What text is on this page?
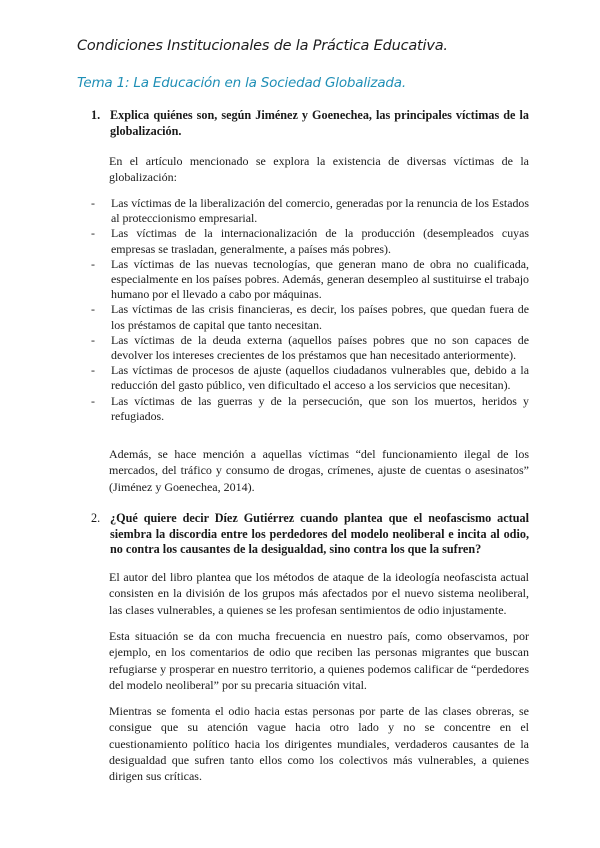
Condiciones Institucionales de la Práctica Educativa.
Tema 1: La Educación en la Sociedad Globalizada.
1. Explica quiénes son, según Jiménez y Goenechea, las principales víctimas de la globalización.
En el artículo mencionado se explora la existencia de diversas víctimas de la globalización:
- Las víctimas de la liberalización del comercio, generadas por la renuncia de los Estados al proteccionismo empresarial.
- Las víctimas de la internacionalización de la producción (desempleados cuyas empresas se trasladan, generalmente, a países más pobres).
- Las víctimas de las nuevas tecnologías, que generan mano de obra no cualificada, especialmente en los países pobres. Además, generan desempleo al sustituirse el trabajo humano por el llevado a cabo por máquinas.
- Las víctimas de las crisis financieras, es decir, los países pobres, que quedan fuera de los préstamos de capital que tanto necesitan.
- Las víctimas de la deuda externa (aquellos países pobres que no son capaces de devolver los intereses crecientes de los préstamos que han necesitado anteriormente).
- Las víctimas de procesos de ajuste (aquellos ciudadanos vulnerables que, debido a la reducción del gasto público, ven dificultado el acceso a los servicios que necesitan).
- Las víctimas de las guerras y de la persecución, que son los muertos, heridos y refugiados.
Además, se hace mención a aquellas víctimas “del funcionamiento ilegal de los mercados, del tráfico y consumo de drogas, crímenes, ajuste de cuentas o asesinatos” (Jiménez y Goenechea, 2014).
2. ¿Qué quiere decir Díez Gutiérrez cuando plantea que el neofascismo actual siembra la discordia entre los perdedores del modelo neoliberal e incita al odio, no contra los causantes de la desigualdad, sino contra los que la sufren?
El autor del libro plantea que los métodos de ataque de la ideología neofascista actual consisten en la división de los grupos más afectados por el nuevo sistema neoliberal, las clases vulnerables, a quienes se les profesan sentimientos de odio injustamente.
Esta situación se da con mucha frecuencia en nuestro país, como observamos, por ejemplo, en los comentarios de odio que reciben las personas migrantes que buscan refugiarse y prosperar en nuestro territorio, a quienes podemos calificar de “perdedores del modelo neoliberal” por su precaria situación vital.
Mientras se fomenta el odio hacia estas personas por parte de las clases obreras, se consigue que su atención vague hacia otro lado y no se concentre en el cuestionamiento político hacia los dirigentes mundiales, verdaderos causantes de la desigualdad que sufren tanto ellos como los colectivos más vulnerables, a quienes dirigen sus críticas.
